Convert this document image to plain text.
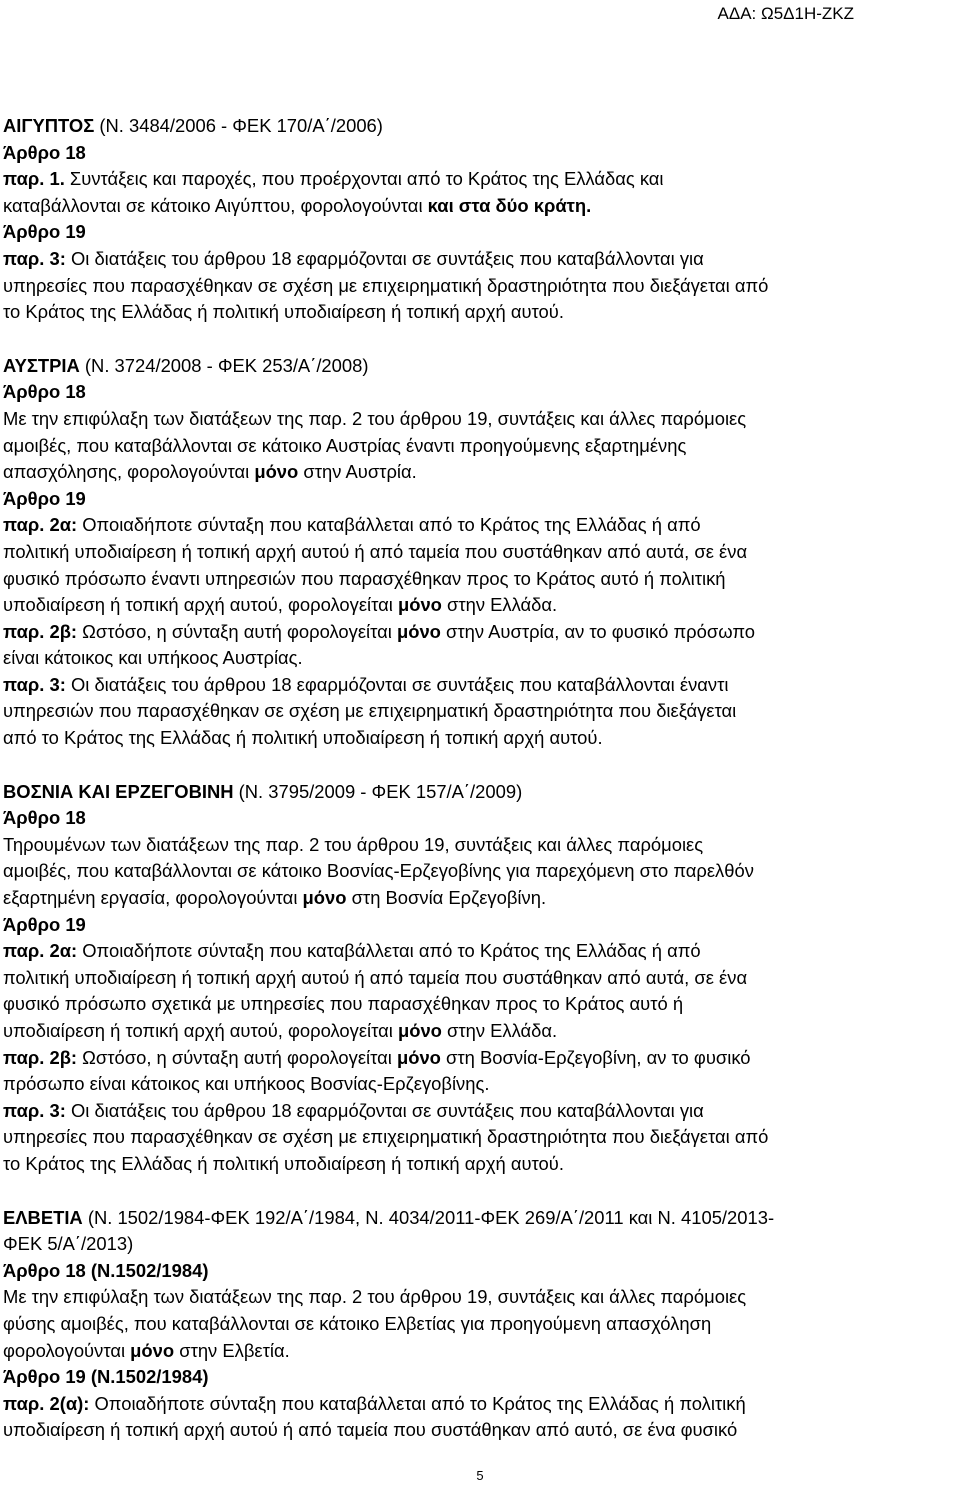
ΑΔΑ: Ω5Δ1Η-ΖΚΖ
ΑΙΓΥΠΤΟΣ (Ν. 3484/2006 - ΦΕΚ 170/Α΄/2006)
Άρθρο 18
παρ. 1. Συντάξεις και παροχές, που προέρχονται από το Κράτος της Ελλάδας και
καταβάλλονται σε κάτοικο Αιγύπτου, φορολογούνται και στα δύο κράτη.
Άρθρο 19
παρ. 3: Οι διατάξεις του άρθρου 18 εφαρμόζονται σε συντάξεις που καταβάλλονται για
υπηρεσίες που παρασχέθηκαν σε σχέση με επιχειρηματική δραστηριότητα που διεξάγεται από
το Κράτος της Ελλάδας ή πολιτική υποδιαίρεση ή τοπική αρχή αυτού.
ΑΥΣΤΡΙΑ (Ν. 3724/2008 - ΦΕΚ 253/Α΄/2008)
Άρθρο 18
Με την επιφύλαξη των διατάξεων της παρ. 2 του άρθρου 19, συντάξεις και άλλες παρόμοιες
αμοιβές, που καταβάλλονται σε κάτοικο Αυστρίας έναντι προηγούμενης εξαρτημένης
απασχόλησης, φορολογούνται μόνο στην Αυστρία.
Άρθρο 19
παρ. 2α: Οποιαδήποτε σύνταξη που καταβάλλεται από το Κράτος της Ελλάδας ή από
πολιτική υποδιαίρεση ή τοπική αρχή αυτού ή από ταμεία που συστάθηκαν από αυτά, σε ένα
φυσικό πρόσωπο έναντι υπηρεσιών που παρασχέθηκαν προς το Κράτος αυτό ή πολιτική
υποδιαίρεση ή τοπική αρχή αυτού, φορολογείται μόνο στην Ελλάδα.
παρ. 2β: Ωστόσο, η σύνταξη αυτή φορολογείται μόνο στην Αυστρία, αν το φυσικό πρόσωπο
είναι κάτοικος και υπήκοος Αυστρίας.
παρ. 3: Οι διατάξεις του άρθρου 18 εφαρμόζονται σε συντάξεις που καταβάλλονται έναντι
υπηρεσιών που παρασχέθηκαν σε σχέση με επιχειρηματική δραστηριότητα που διεξάγεται
από το Κράτος της Ελλάδας ή πολιτική υποδιαίρεση ή τοπική αρχή αυτού.
ΒΟΣΝΙΑ ΚΑΙ ΕΡΖΕΓΟΒΙΝΗ (Ν. 3795/2009 - ΦΕΚ 157/Α΄/2009)
Άρθρο 18
Τηρουμένων των διατάξεων της παρ. 2 του άρθρου 19, συντάξεις και άλλες παρόμοιες
αμοιβές, που καταβάλλονται σε κάτοικο Βοσνίας-Ερζεγοβίνης για παρεχόμενη στο παρελθόν
εξαρτημένη εργασία, φορολογούνται μόνο στη Βοσνία Ερζεγοβίνη.
Άρθρο 19
παρ. 2α: Οποιαδήποτε σύνταξη που καταβάλλεται από το Κράτος της Ελλάδας ή από
πολιτική υποδιαίρεση ή τοπική αρχή αυτού ή από ταμεία που συστάθηκαν από αυτά, σε ένα
φυσικό πρόσωπο σχετικά με υπηρεσίες που παρασχέθηκαν προς το Κράτος αυτό ή
υποδιαίρεση ή τοπική αρχή αυτού, φορολογείται μόνο στην Ελλάδα.
παρ. 2β: Ωστόσο, η σύνταξη αυτή φορολογείται μόνο στη Βοσνία-Ερζεγοβίνη, αν το φυσικό
πρόσωπο είναι κάτοικος και υπήκοος Βοσνίας-Ερζεγοβίνης.
παρ. 3: Οι διατάξεις του άρθρου 18 εφαρμόζονται σε συντάξεις που καταβάλλονται για
υπηρεσίες που παρασχέθηκαν σε σχέση με επιχειρηματική δραστηριότητα που διεξάγεται από
το Κράτος της Ελλάδας ή πολιτική υποδιαίρεση ή τοπική αρχή αυτού.
ΕΛΒΕΤΙΑ (Ν. 1502/1984-ΦΕΚ 192/Α΄/1984, Ν. 4034/2011-ΦΕΚ 269/Α΄/2011 και Ν. 4105/2013-
ΦΕΚ 5/Α΄/2013)
Άρθρο 18 (Ν.1502/1984)
Με την επιφύλαξη των διατάξεων της παρ. 2 του άρθρου 19, συντάξεις και άλλες παρόμοιες
φύσης αμοιβές, που καταβάλλονται σε κάτοικο Ελβετίας για προηγούμενη απασχόληση
φορολογούνται μόνο στην Ελβετία.
Άρθρο 19 (Ν.1502/1984)
παρ. 2(α): Οποιαδήποτε σύνταξη που καταβάλλεται από το Κράτος της Ελλάδας ή πολιτική
υποδιαίρεση ή τοπική αρχή αυτού ή από ταμεία που συστάθηκαν από αυτό, σε ένα φυσικό
5
